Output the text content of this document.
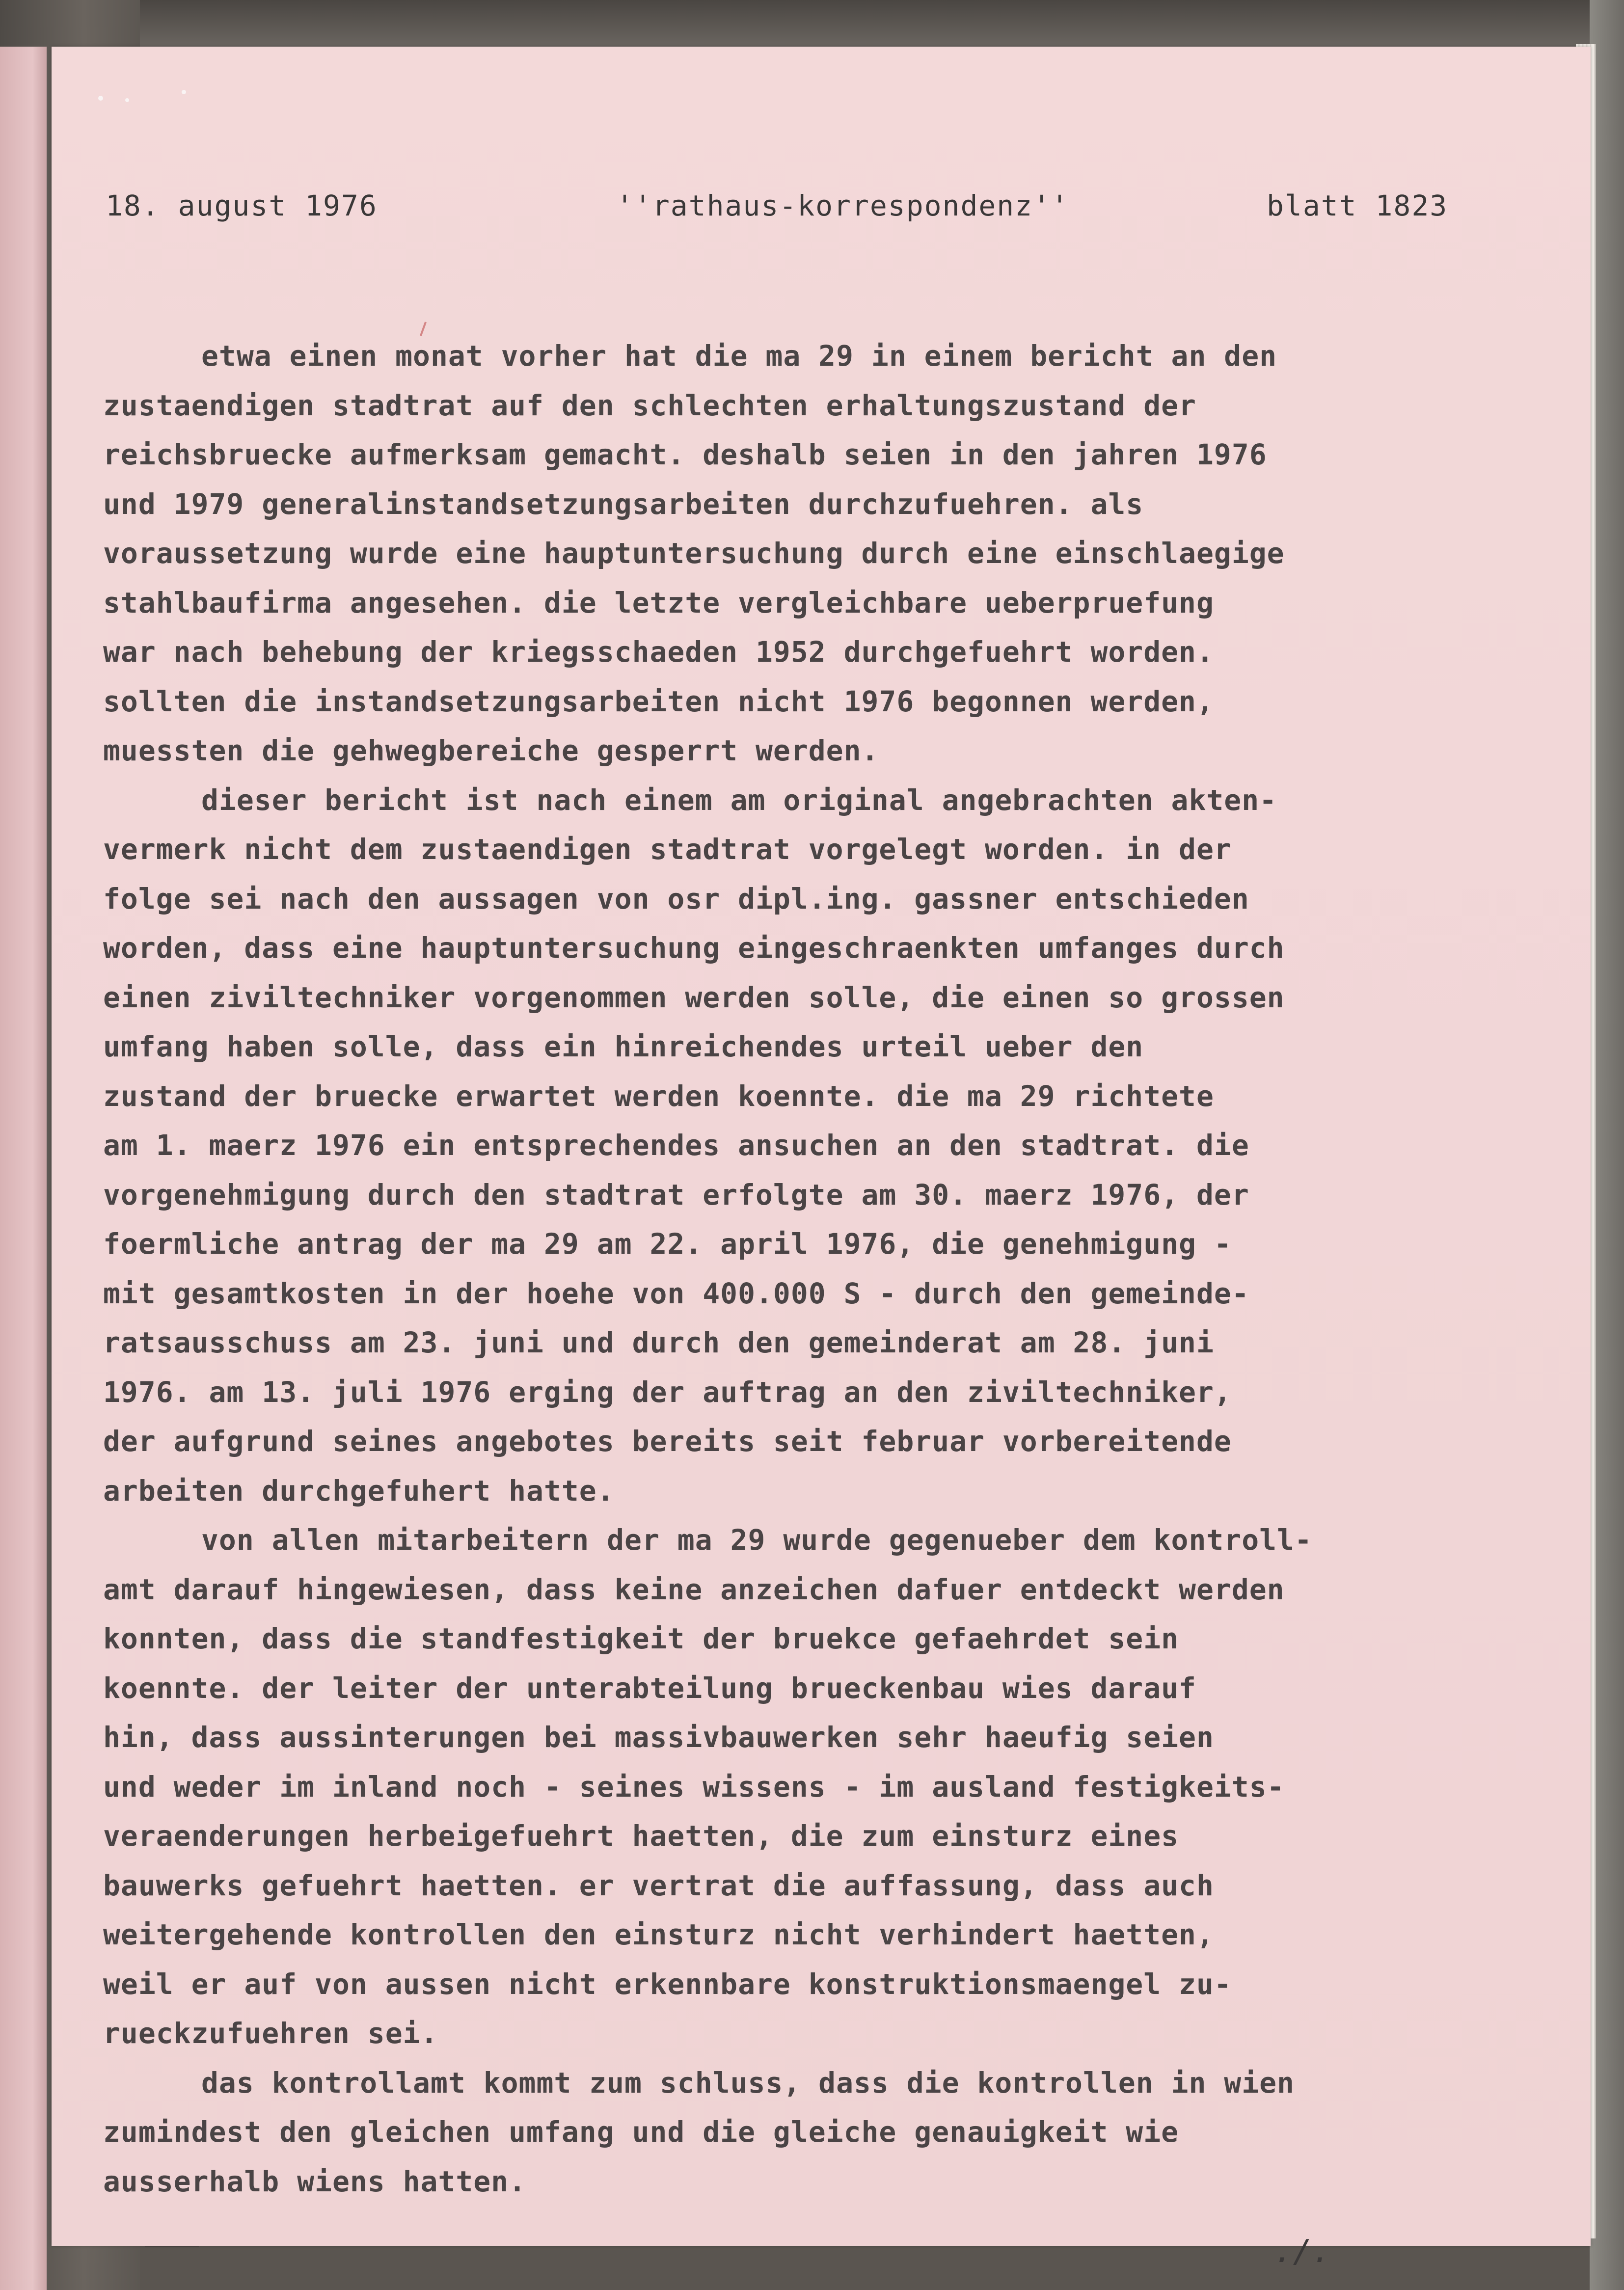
18. august 1976	''rathaus-korrespondenz''	blatt 1823
etwa einen monat vorher hat die ma 29 in einem bericht an den
zustaendigen stadtrat auf den schlechten erhaltungszustand der
reichsbruecke aufmerksam gemacht. deshalb seien in den jahren 1976
und 1979 generalinstandsetzungsarbeiten durchzufuehren. als
voraussetzung wurde eine hauptuntersuchung durch eine einschlaegige
stahlbaufirma angesehen. die letzte vergleichbare ueberpruefung
war nach behebung der kriegsschaeden 1952 durchgefuehrt worden.
sollten die instandsetzungsarbeiten nicht 1976 begonnen werden,
muessten die gehwegbereiche gesperrt werden.
dieser bericht ist nach einem am original angebrachten akten-
vermerk nicht dem zustaendigen stadtrat vorgelegt worden. in der
folge sei nach den aussagen von osr dipl.ing. gassner entschieden
worden, dass eine hauptuntersuchung eingeschraenkten umfanges durch
einen ziviltechniker vorgenommen werden solle, die einen so grossen
umfang haben solle, dass ein hinreichendes urteil ueber den
zustand der bruecke erwartet werden koennte. die ma 29 richtete
am 1. maerz 1976 ein entsprechendes ansuchen an den stadtrat. die
vorgenehmigung durch den stadtrat erfolgte am 30. maerz 1976, der
foermliche antrag der ma 29 am 22. april 1976, die genehmigung -
mit gesamtkosten in der hoehe von 400.000 S - durch den gemeinde-
ratsausschuss am 23. juni und durch den gemeinderat am 28. juni
1976. am 13. juli 1976 erging der auftrag an den ziviltechniker,
der aufgrund seines angebotes bereits seit februar vorbereitende
arbeiten durchgefuhert hatte.
von allen mitarbeitern der ma 29 wurde gegenueber dem kontroll-
amt darauf hingewiesen, dass keine anzeichen dafuer entdeckt werden
konnten, dass die standfestigkeit der bruekce gefaehrdet sein
koennte. der leiter der unterabteilung brueckenbau wies darauf
hin, dass aussinterungen bei massivbauwerken sehr haeufig seien
und weder im inland noch - seines wissens - im ausland festigkeits-
veraenderungen herbeigefuehrt haetten, die zum einsturz eines
bauwerks gefuehrt haetten. er vertrat die auffassung, dass auch
weitergehende kontrollen den einsturz nicht verhindert haetten,
weil er auf von aussen nicht erkennbare konstruktionsmaengel zu-
rueckzufuehren sei.
das kontrollamt kommt zum schluss, dass die kontrollen in wien
zumindest den gleichen umfang und die gleiche genauigkeit wie
ausserhalb wiens hatten.
./.
